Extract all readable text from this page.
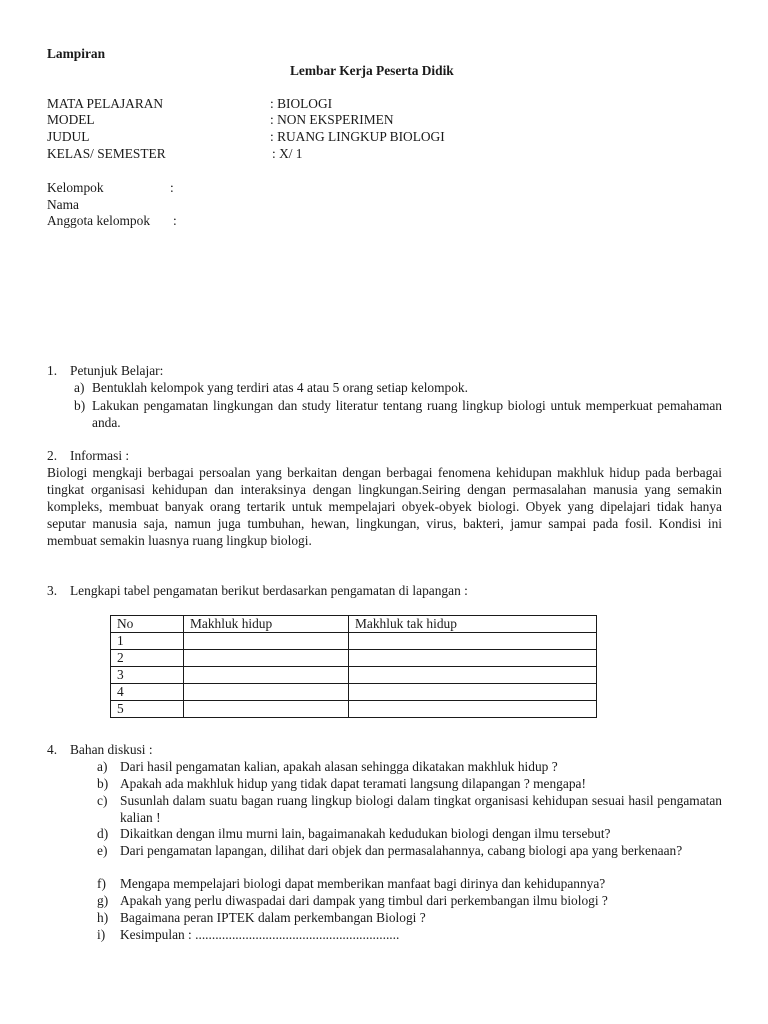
Lampiran
Lembar Kerja Peserta Didik
MATA PELAJARAN	: BIOLOGI
MODEL	: NON EKSPERIMEN
JUDUL	: RUANG LINGKUP BIOLOGI
KELAS/ SEMESTER	: X/ 1
Kelompok	:
Nama
Anggota kelompok :
1. Petunjuk Belajar:
a) Bentuklah kelompok yang terdiri atas 4 atau 5 orang setiap kelompok.
b) Lakukan pengamatan lingkungan dan study literatur tentang ruang lingkup biologi untuk memperkuat pemahaman anda.
2. Informasi :
Biologi mengkaji berbagai persoalan yang berkaitan dengan berbagai fenomena kehidupan makhluk hidup pada berbagai tingkat organisasi kehidupan dan interaksinya dengan lingkungan.Seiring dengan permasalahan manusia yang semakin kompleks, membuat banyak orang tertarik untuk mempelajari obyek-obyek biologi. Obyek yang dipelajari tidak hanya seputar manusia saja, namun juga tumbuhan, hewan, lingkungan, virus, bakteri, jamur sampai pada fosil. Kondisi ini membuat semakin luasnya ruang lingkup biologi.
3. Lengkapi tabel pengamatan berikut berdasarkan pengamatan di lapangan :
No	Makhluk hidup	Makhluk tak hidup
1		
2		
3		
4		
5		
4. Bahan diskusi :
a) Dari hasil pengamatan kalian, apakah alasan sehingga dikatakan makhluk hidup ?
b) Apakah ada makhluk hidup yang tidak dapat teramati langsung dilapangan ? mengapa!
c) Susunlah dalam suatu bagan ruang lingkup biologi dalam tingkat organisasi kehidupan sesuai hasil pengamatan kalian !
d) Dikaitkan dengan ilmu murni lain, bagaimanakah kedudukan biologi dengan ilmu tersebut?
e) Dari pengamatan lapangan, dilihat dari objek dan permasalahannya, cabang biologi apa yang berkenaan?
f) Mengapa mempelajari biologi dapat memberikan manfaat bagi dirinya dan kehidupannya?
g) Apakah yang perlu diwaspadai dari dampak yang timbul dari perkembangan ilmu biologi ?
h) Bagaimana peran IPTEK dalam perkembangan Biologi ?
i) Kesimpulan : .............................................................
